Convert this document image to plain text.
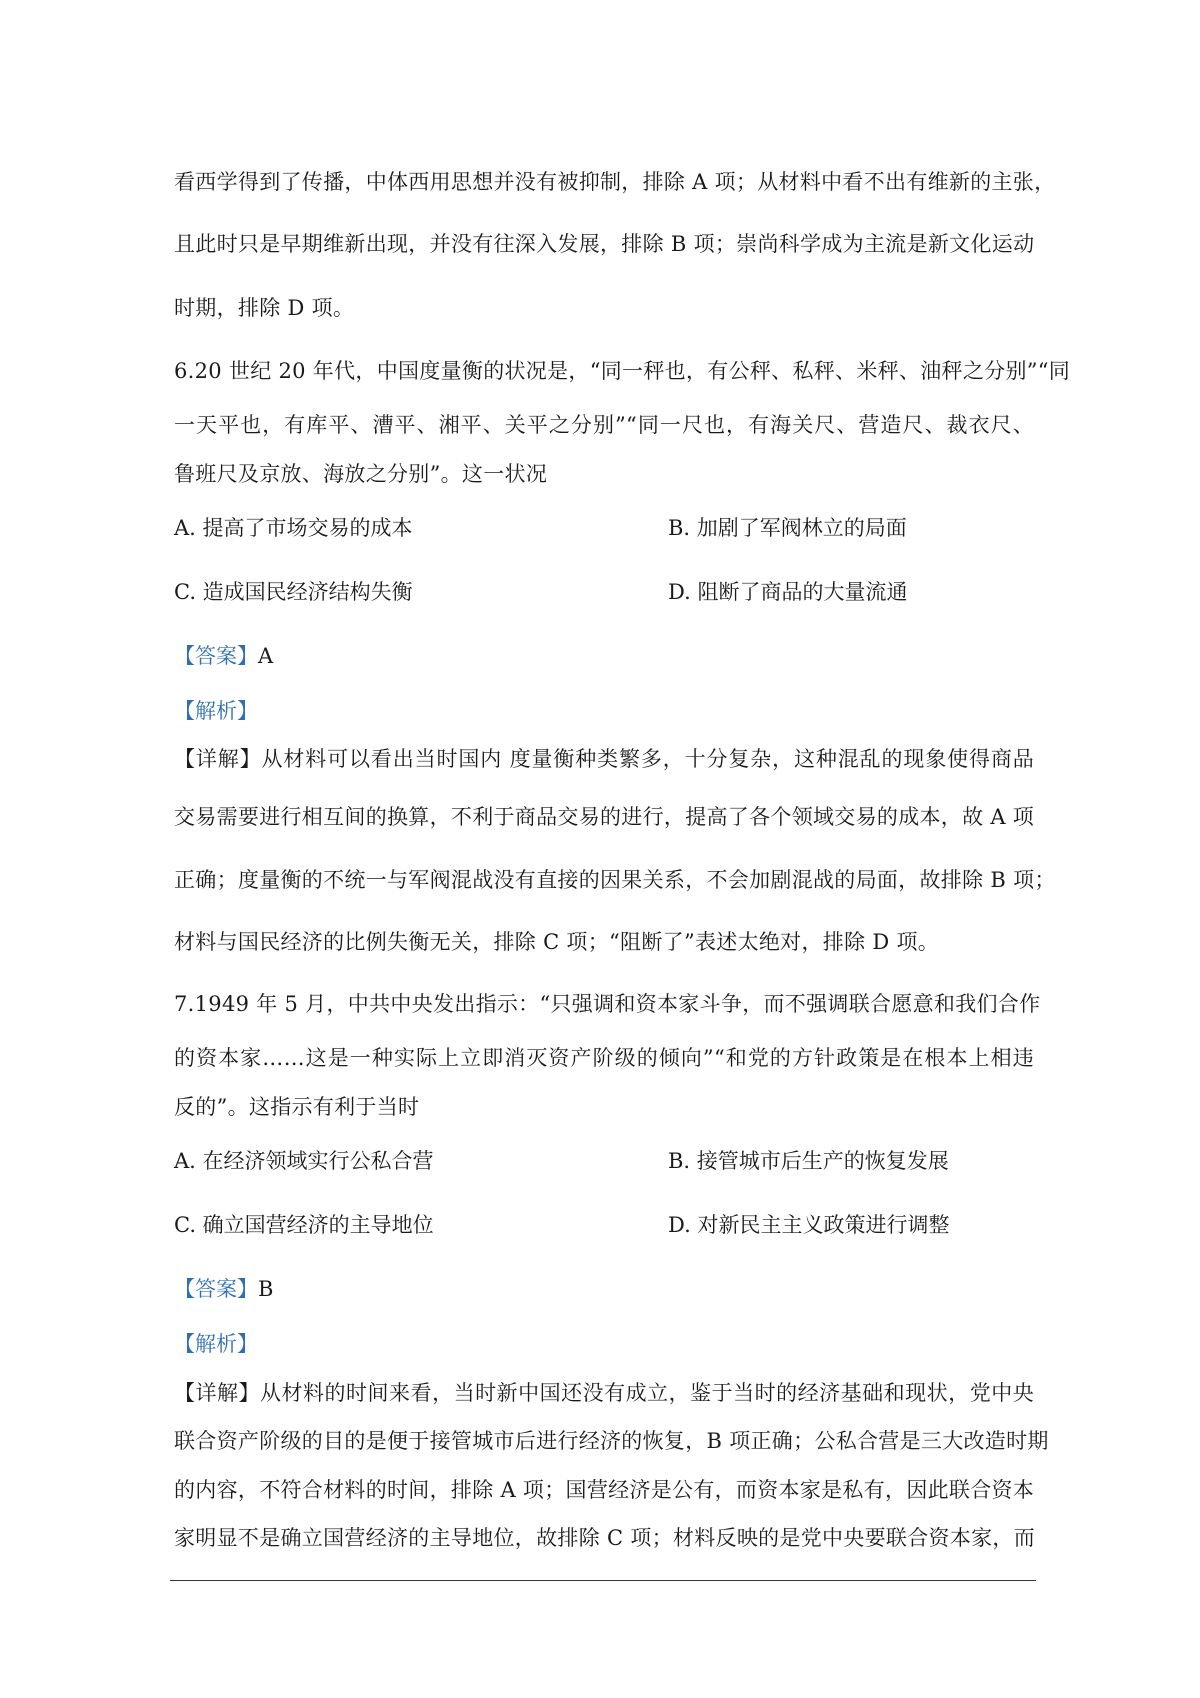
看西学得到了传播，中体西用思想并没有被抑制，排除 A 项；从材料中看不出有维新的主张，
且此时只是早期维新出现，并没有往深入发展，排除 B 项；崇尚科学成为主流是新文化运动
时期，排除 D 项。
6.20 世纪 20 年代，中国度量衡的状况是，“同一秤也，有公秤、私秤、米秤、油秤之分别”“同
一天平也，有库平、漕平、湘平、关平之分别”“同一尺也，有海关尺、营造尺、裁衣尺、
鲁班尺及京放、海放之分别”。这一状况
A. 提高了市场交易的成本	B. 加剧了军阀林立的局面
C. 造成国民经济结构失衡	D. 阻断了商品的大量流通
【答案】A
【解析】
【详解】从材料可以看出当时国内 度量衡种类繁多，十分复杂，这种混乱的现象使得商品
交易需要进行相互间的换算，不利于商品交易的进行，提高了各个领域交易的成本，故 A 项
正确；度量衡的不统一与军阀混战没有直接的因果关系，不会加剧混战的局面，故排除 B 项；
材料与国民经济的比例失衡无关，排除 C 项；“阻断了”表述太绝对，排除 D 项。
7.1949 年 5 月，中共中央发出指示：“只强调和资本家斗争，而不强调联合愿意和我们合作
的资本家……这是一种实际上立即消灭资产阶级的倾向”“和党的方针政策是在根本上相违
反的”。这指示有利于当时
A. 在经济领域实行公私合营	B. 接管城市后生产的恢复发展
C. 确立国营经济的主导地位	D. 对新民主主义政策进行调整
【答案】B
【解析】
【详解】从材料的时间来看，当时新中国还没有成立，鉴于当时的经济基础和现状，党中央
联合资产阶级的目的是便于接管城市后进行经济的恢复，B 项正确；公私合营是三大改造时期
的内容，不符合材料的时间，排除 A 项；国营经济是公有，而资本家是私有，因此联合资本
家明显不是确立国营经济的主导地位，故排除 C 项；材料反映的是党中央要联合资本家，而
